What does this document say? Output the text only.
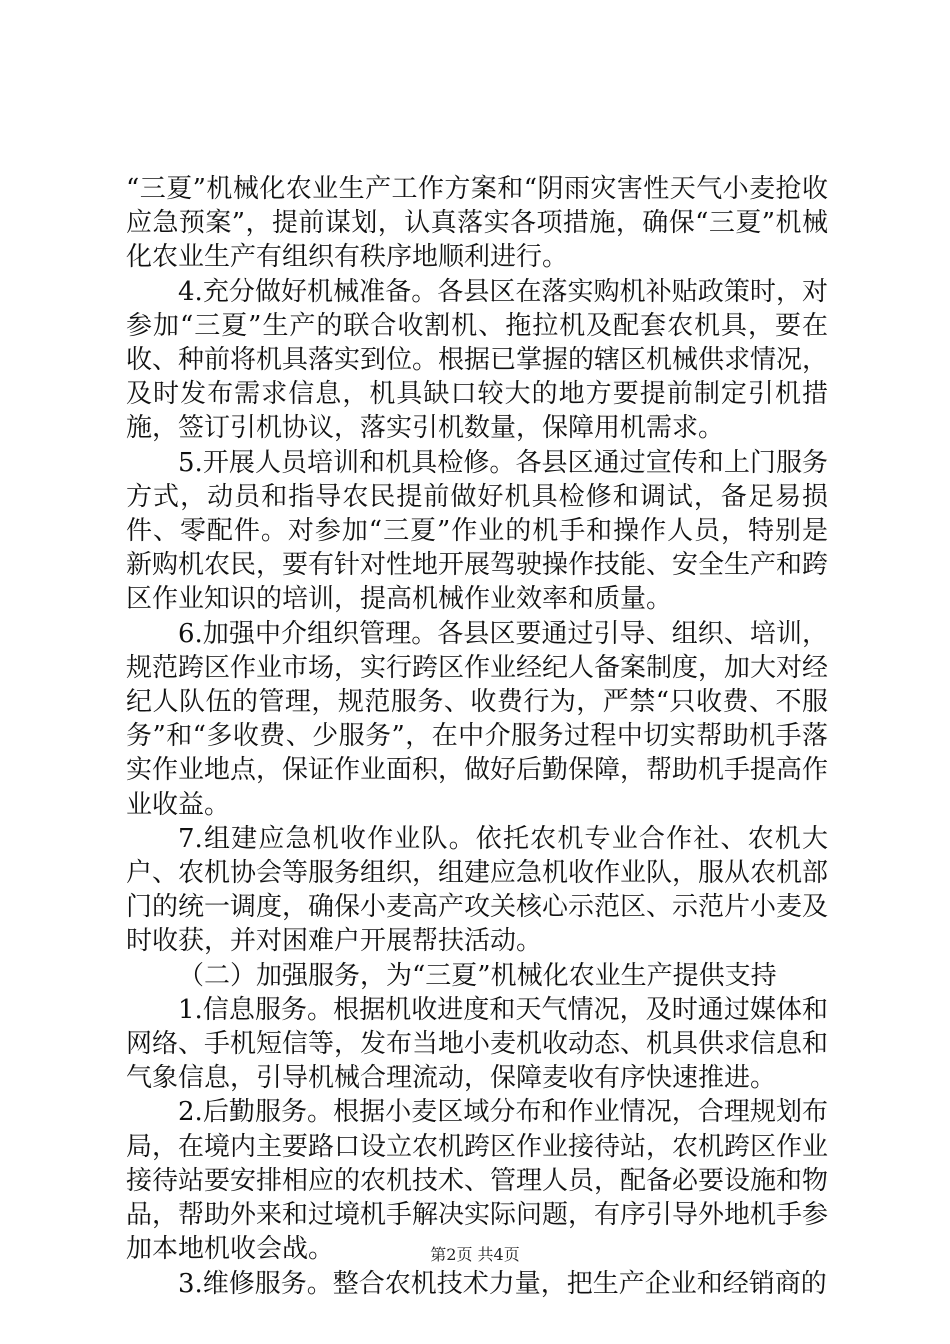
“三夏”机械化农业生产工作方案和“阴雨灾害性天气小麦抢收应急预案”，提前谋划，认真落实各项措施，确保“三夏”机械化农业生产有组织有秩序地顺利进行。

4.充分做好机械准备。各县区在落实购机补贴政策时，对参加“三夏”生产的联合收割机、拖拉机及配套农机具，要在收、种前将机具落实到位。根据已掌握的辖区机械供求情况，及时发布需求信息，机具缺口较大的地方要提前制定引机措施，签订引机协议，落实引机数量，保障用机需求。

5.开展人员培训和机具检修。各县区通过宣传和上门服务方式，动员和指导农民提前做好机具检修和调试，备足易损件、零配件。对参加“三夏”作业的机手和操作人员，特别是新购机农民，要有针对性地开展驾驶操作技能、安全生产和跨区作业知识的培训，提高机械作业效率和质量。

6.加强中介组织管理。各县区要通过引导、组织、培训，规范跨区作业市场，实行跨区作业经纪人备案制度，加大对经纪人队伍的管理，规范服务、收费行为，严禁“只收费、不服务”和“多收费、少服务”，在中介服务过程中切实帮助机手落实作业地点，保证作业面积，做好后勤保障，帮助机手提高作业收益。

7.组建应急机收作业队。依托农机专业合作社、农机大户、农机协会等服务组织，组建应急机收作业队，服从农机部门的统一调度，确保小麦高产攻关核心示范区、示范片小麦及时收获，并对困难户开展帮扶活动。

（二）加强服务，为“三夏”机械化农业生产提供支持

1.信息服务。根据机收进度和天气情况，及时通过媒体和网络、手机短信等，发布当地小麦机收动态、机具供求信息和气象信息，引导机械合理流动，保障麦收有序快速推进。

2.后勤服务。根据小麦区域分布和作业情况，合理规划布局，在境内主要路口设立农机跨区作业接待站，农机跨区作业接待站要安排相应的农机技术、管理人员，配备必要设施和物品，帮助外来和过境机手解决实际问题，有序引导外地机手参加本地机收会战。

3.维修服务。整合农机技术力量，把生产企业和经销商的

第2页 共4页
